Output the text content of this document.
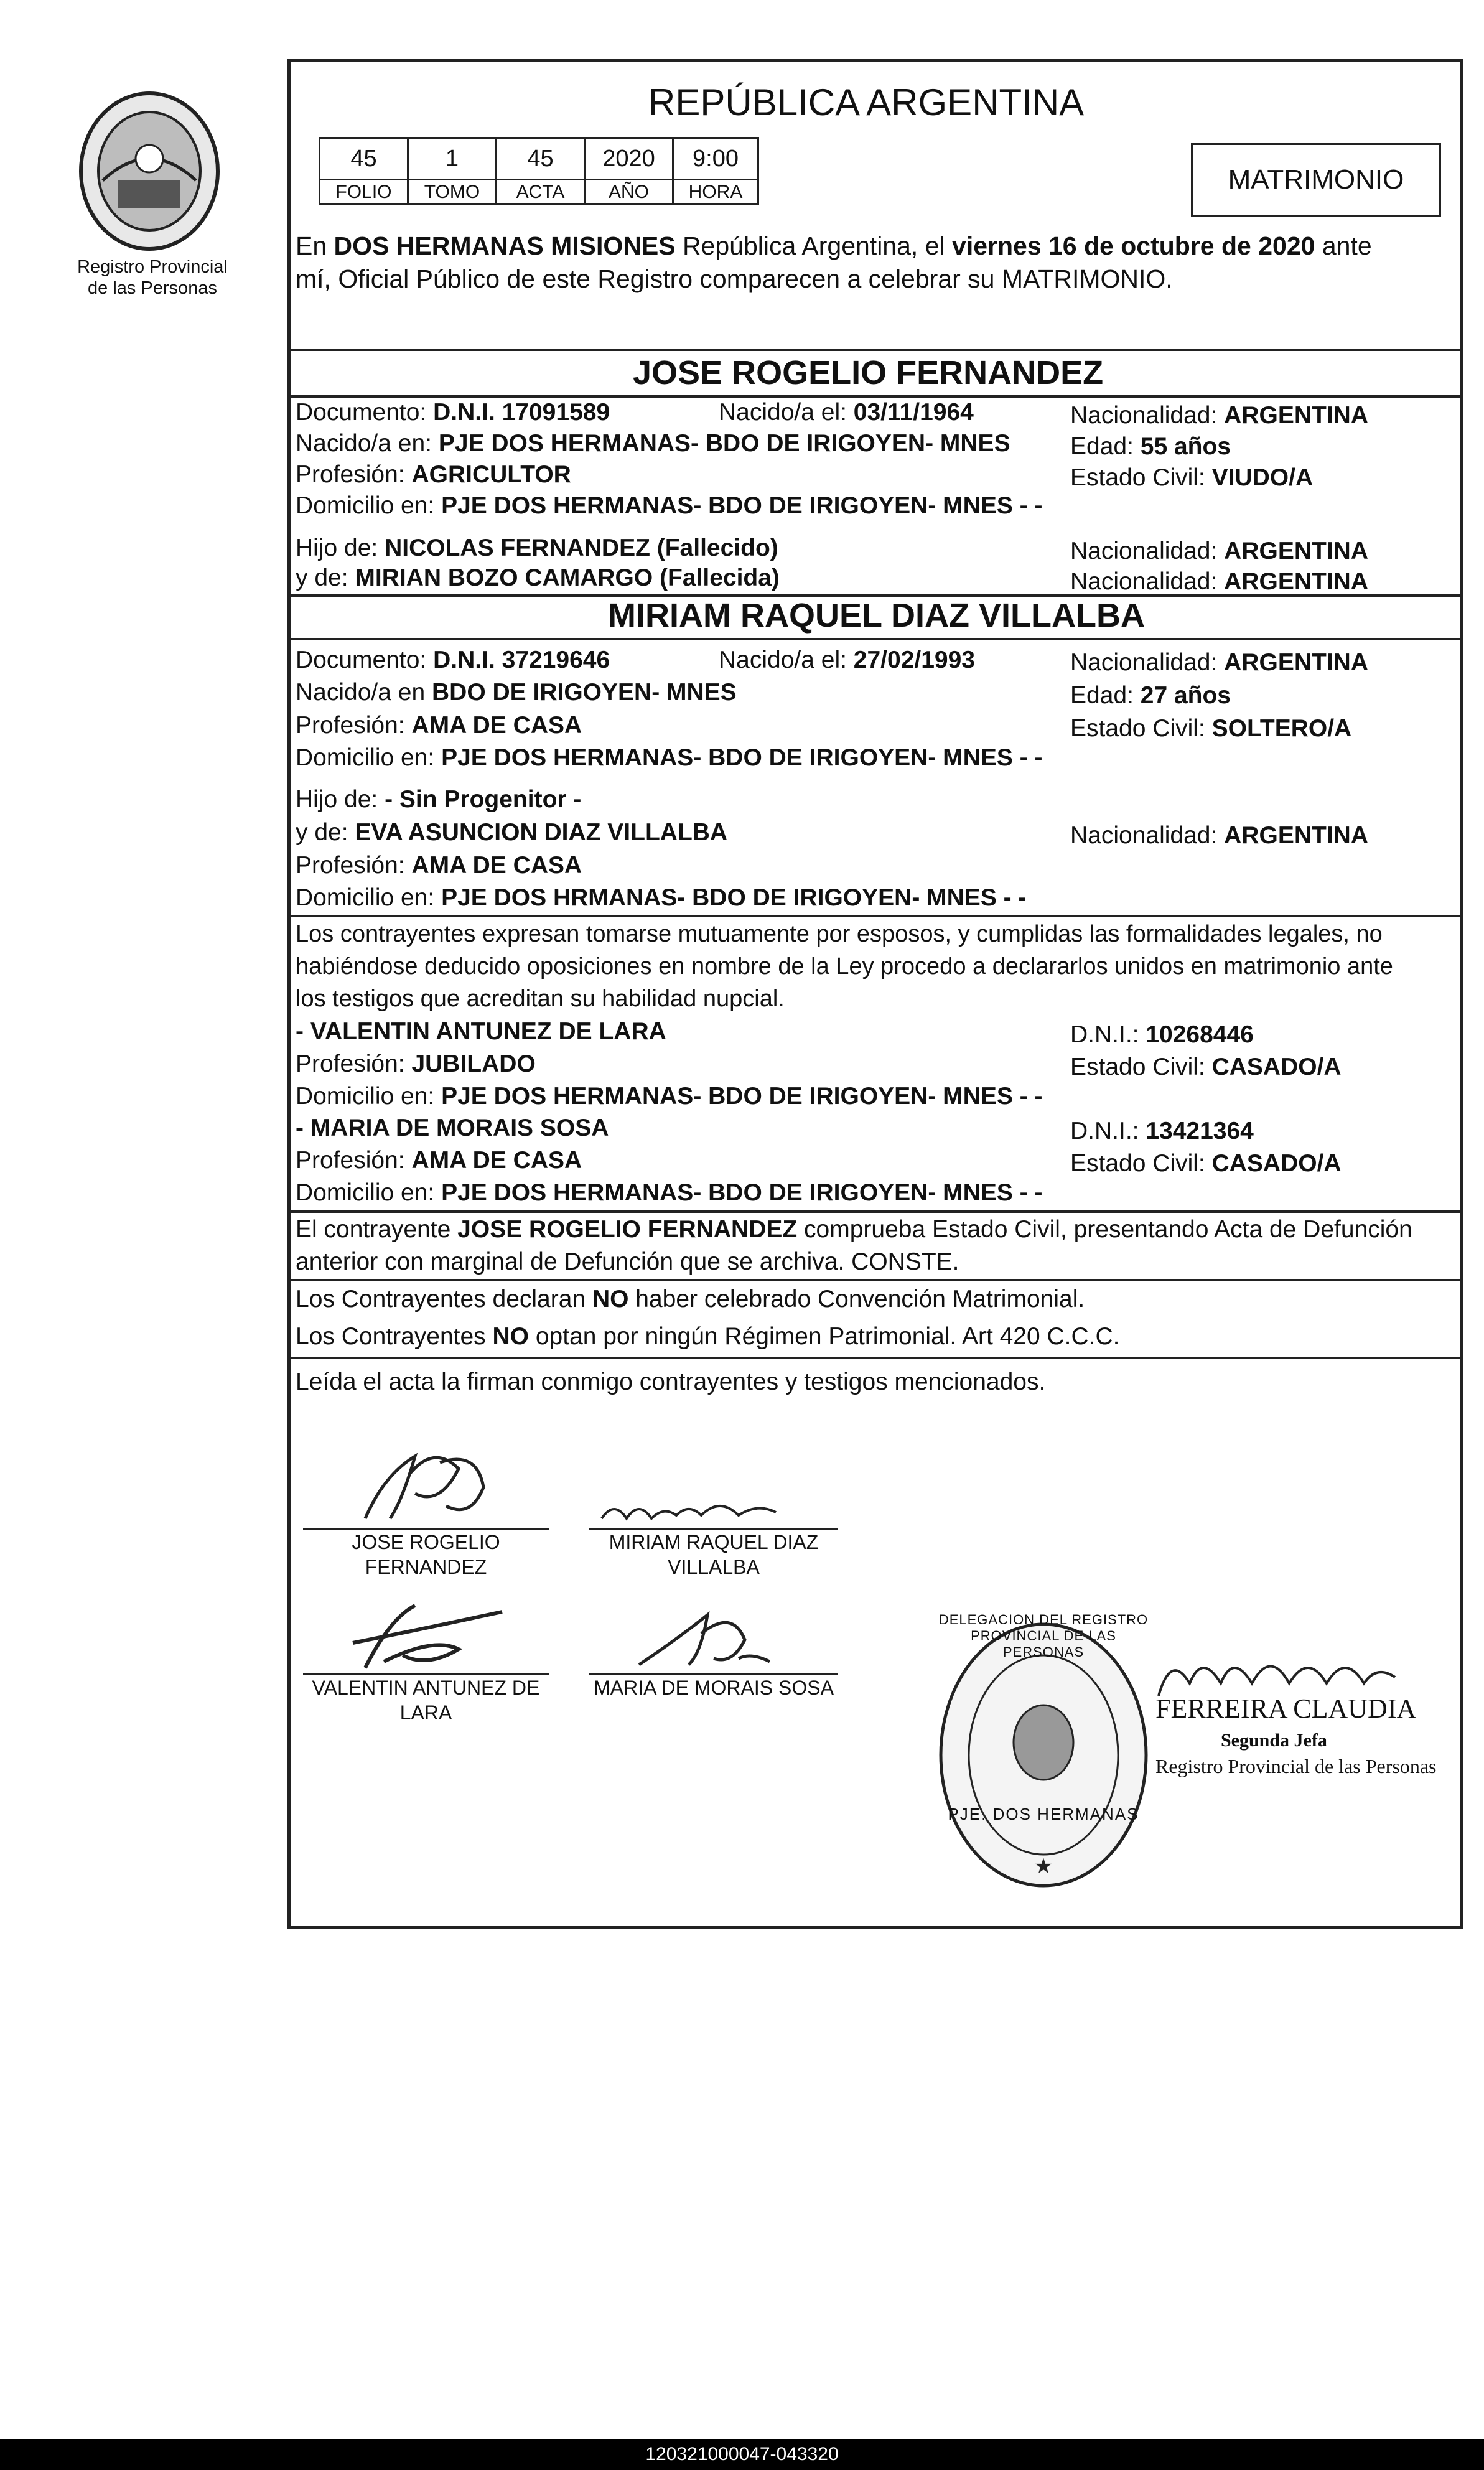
Registro Provincial
de las Personas
REPÚBLICA ARGENTINA
45	1	45	2020	9:00
FOLIO	TOMO	ACTA	AÑO	HORA	MATRIMONIO
En DOS HERMANAS MISIONES República Argentina, el viernes 16 de octubre de 2020 ante
mí, Oficial Público de este Registro comparecen a celebrar su MATRIMONIO.
JOSE ROGELIO FERNANDEZ
Documento: D.N.I. 17091589	Nacido/a el: 03/11/1964	Nacionalidad: ARGENTINA
Nacido/a en: PJE DOS HERMANAS- BDO DE IRIGOYEN- MNES Edad: 55 años
Profesión: AGRICULTOR	Estado Civil: VIUDO/A
Domicilio en: PJE DOS HERMANAS- BDO DE IRIGOYEN- MNES - -
Hijo de: NICOLAS FERNANDEZ (Fallecido)	Nacionalidad: ARGENTINA
y de: MIRIAN BOZO CAMARGO (Fallecida)	Nacionalidad: ARGENTINA
MIRIAM RAQUEL DIAZ VILLALBA
Documento: D.N.I. 37219646	Nacido/a el: 27/02/1993	Nacionalidad: ARGENTINA
Nacido/a en BDO DE IRIGOYEN- MNES	Edad: 27 años
Profesión: AMA DE CASA	Estado Civil: SOLTERO/A
Domicilio en: PJE DOS HERMANAS- BDO DE IRIGOYEN- MNES - -
Hijo de: - Sin Progenitor -
y de: EVA ASUNCION DIAZ VILLALBA	Nacionalidad: ARGENTINA
Profesión: AMA DE CASA
Domicilio en: PJE DOS HRMANAS- BDO DE IRIGOYEN- MNES - -
Los contrayentes expresan tomarse mutuamente por esposos, y cumplidas las formalidades legales, no
habiéndose deducido oposiciones en nombre de la Ley procedo a declararlos unidos en matrimonio ante
los testigos que acreditan su habilidad nupcial.
- VALENTIN ANTUNEZ DE LARA	D.N.I.: 10268446
Profesión: JUBILADO	Estado Civil: CASADO/A
Domicilio en: PJE DOS HERMANAS- BDO DE IRIGOYEN- MNES - -
- MARIA DE MORAIS SOSA	D.N.I.: 13421364
Profesión: AMA DE CASA	Estado Civil: CASADO/A
Domicilio en: PJE DOS HERMANAS- BDO DE IRIGOYEN- MNES - -
El contrayente JOSE ROGELIO FERNANDEZ comprueba Estado Civil, presentando Acta de Defunción
anterior con marginal de Defunción que se archiva. CONSTE.
Los Contrayentes declaran NO haber celebrado Convención Matrimonial.
Los Contrayentes NO optan por ningún Régimen Patrimonial. Art 420 C.C.C.
Leída el acta la firman conmigo contrayentes y testigos mencionados.
JOSE ROGELIO
FERNANDEZ
MIRIAM RAQUEL DIAZ
VILLALBA
VALENTIN ANTUNEZ DE
LARA
MARIA DE MORAIS SOSA
★
DELEGACION DEL REGISTRO PROVINCIAL DE LAS PERSONAS
PJE. DOS HERMANAS
FERREIRA CLAUDIA
Segunda Jefa
Registro Provincial de las Personas
120321000047-043320
